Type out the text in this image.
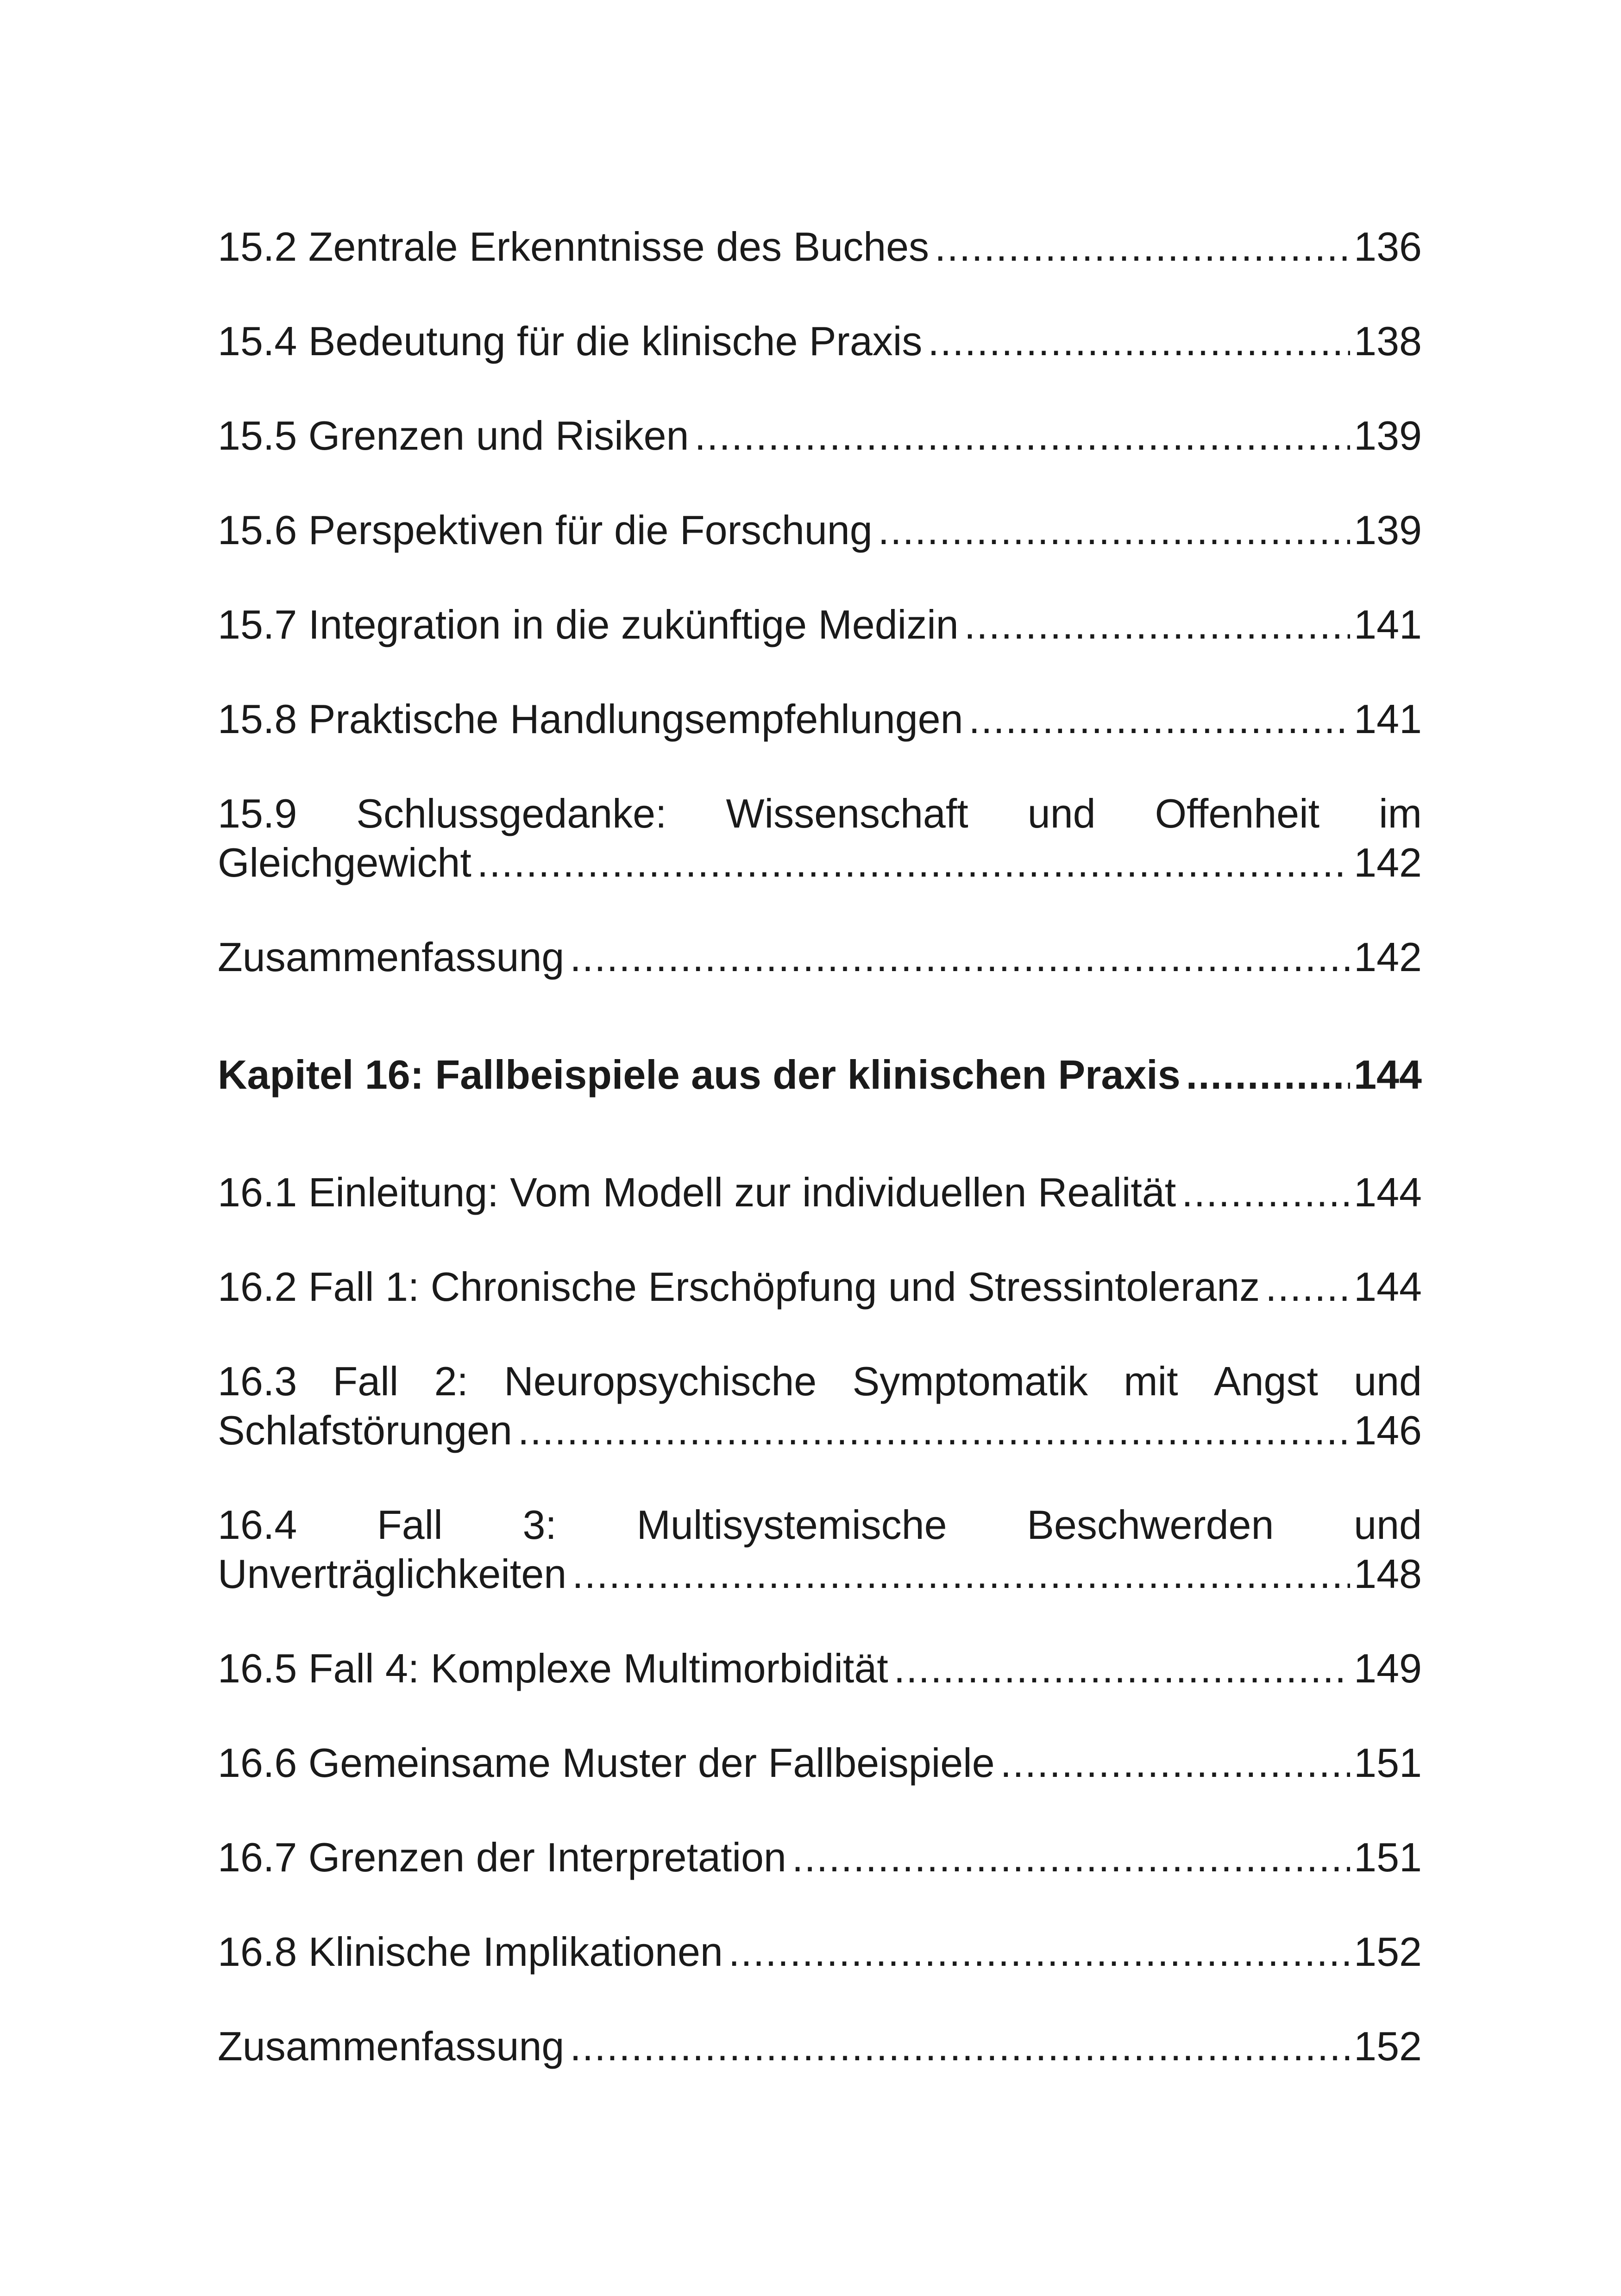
15.2 Zentrale Erkenntnisse des Buches .....	136
15.4 Bedeutung für die klinische Praxis .....	138
15.5 Grenzen und Risiken .....	139
15.6 Perspektiven für die Forschung .....	139
15.7 Integration in die zukünftige Medizin .....	141
15.8 Praktische Handlungsempfehlungen .....	141
15.9 Schlussgedanke: Wissenschaft und Offenheit im
Gleichgewicht .....	142
Zusammenfassung .....	142
Kapitel 16: Fallbeispiele aus der klinischen Praxis .....	144
16.1 Einleitung: Vom Modell zur individuellen Realität .....	144
16.2 Fall 1: Chronische Erschöpfung und Stressintoleranz ..... 144
16.3 Fall 2: Neuropsychische Symptomatik mit Angst und
Schlafstörungen .....	146
16.4 Fall 3: Multisystemische Beschwerden und
Unverträglichkeiten .....	148
16.5 Fall 4: Komplexe Multimorbidität .....	149
16.6 Gemeinsame Muster der Fallbeispiele .....	151
16.7 Grenzen der Interpretation .....	151
16.8 Klinische Implikationen .....	152
Zusammenfassung .....	152
